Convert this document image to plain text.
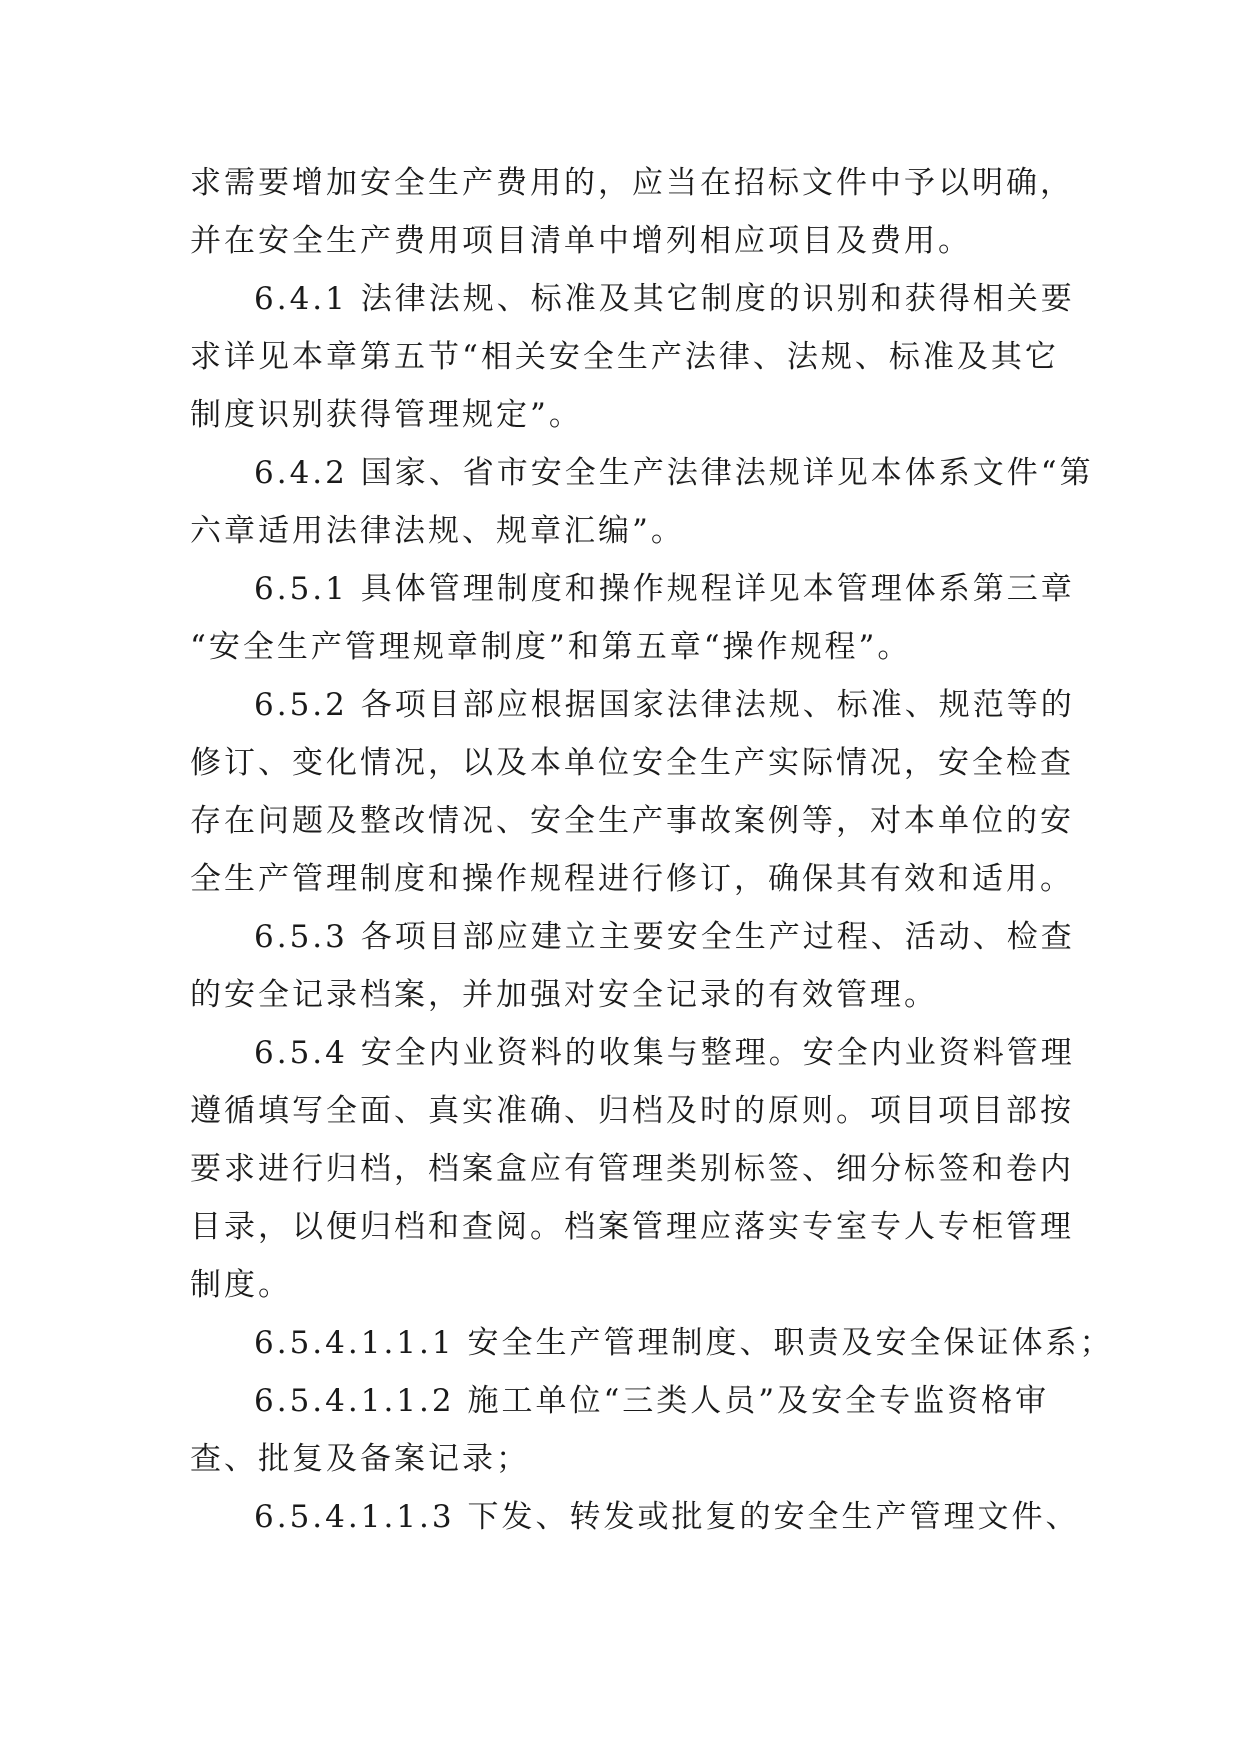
求需要增加安全生产费用的，应当在招标文件中予以明确，
并在安全生产费用项目清单中增列相应项目及费用。
6.4.1 法律法规、标准及其它制度的识别和获得相关要
求详见本章第五节“相关安全生产法律、法规、标准及其它
制度识别获得管理规定”。
6.4.2 国家、省市安全生产法律法规详见本体系文件“第
六章适用法律法规、规章汇编”。
6.5.1 具体管理制度和操作规程详见本管理体系第三章
“安全生产管理规章制度”和第五章“操作规程”。
6.5.2 各项目部应根据国家法律法规、标准、规范等的
修订、变化情况，以及本单位安全生产实际情况，安全检查
存在问题及整改情况、安全生产事故案例等，对本单位的安
全生产管理制度和操作规程进行修订，确保其有效和适用。
6.5.3 各项目部应建立主要安全生产过程、活动、检查
的安全记录档案，并加强对安全记录的有效管理。
6.5.4 安全内业资料的收集与整理。安全内业资料管理
遵循填写全面、真实准确、归档及时的原则。项目项目部按
要求进行归档，档案盒应有管理类别标签、细分标签和卷内
目录，以便归档和查阅。档案管理应落实专室专人专柜管理
制度。
6.5.4.1.1.1 安全生产管理制度、职责及安全保证体系；
6.5.4.1.1.2 施工单位“三类人员”及安全专监资格审
查、批复及备案记录；
6.5.4.1.1.3 下发、转发或批复的安全生产管理文件、
